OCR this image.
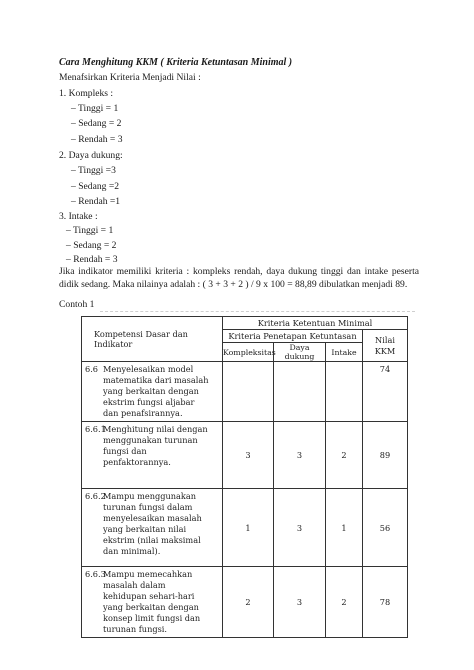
Cara Menghitung KKM ( Kriteria Ketuntasan Minimal )
Menafsirkan Kriteria Menjadi Nilai :
1. Kompleks :
– Tinggi = 1
– Sedang = 2
– Rendah = 3
2. Daya dukung:
– Tinggi =3
– Sedang =2
– Rendah =1
3. Intake :
– Tinggi = 1
– Sedang = 2
– Rendah = 3
Jika indikator memiliki kriteria : kompleks rendah, daya dukung tinggi dan intake peserta didik sedang. Maka nilainya adalah : ( 3 + 3 + 2 ) / 9 x 100 = 88,89 dibulatkan menjadi 89.
Contoh 1
Kompetensi Dasar dan Indikator	Kriteria Ketentuan Minimal			
	Kriteria Penetapan Ketuntasan			Nilai
KKM
	Kompleksitas	Daya dukung	Intake	
6.6 Menyelesaikan model matematika dari masalah yang berkaitan dengan ekstrim fungsi aljabar dan penafsirannya.				74
6.6.1Menghitung nilai dengan menggunakan turunan fungsi dan penfaktorannya.	3	3	2	89
6.6.2Mampu menggunakan turunan fungsi dalam menyelesaikan masalah yang berkaitan nilai ekstrim (nilai maksimal dan minimal).	1	3	1	56
6.6.3Mampu memecahkan masalah dalam kehidupan sehari-hari yang berkaitan dengan konsep limit fungsi dan turunan fungsi.	2	3	2	78
